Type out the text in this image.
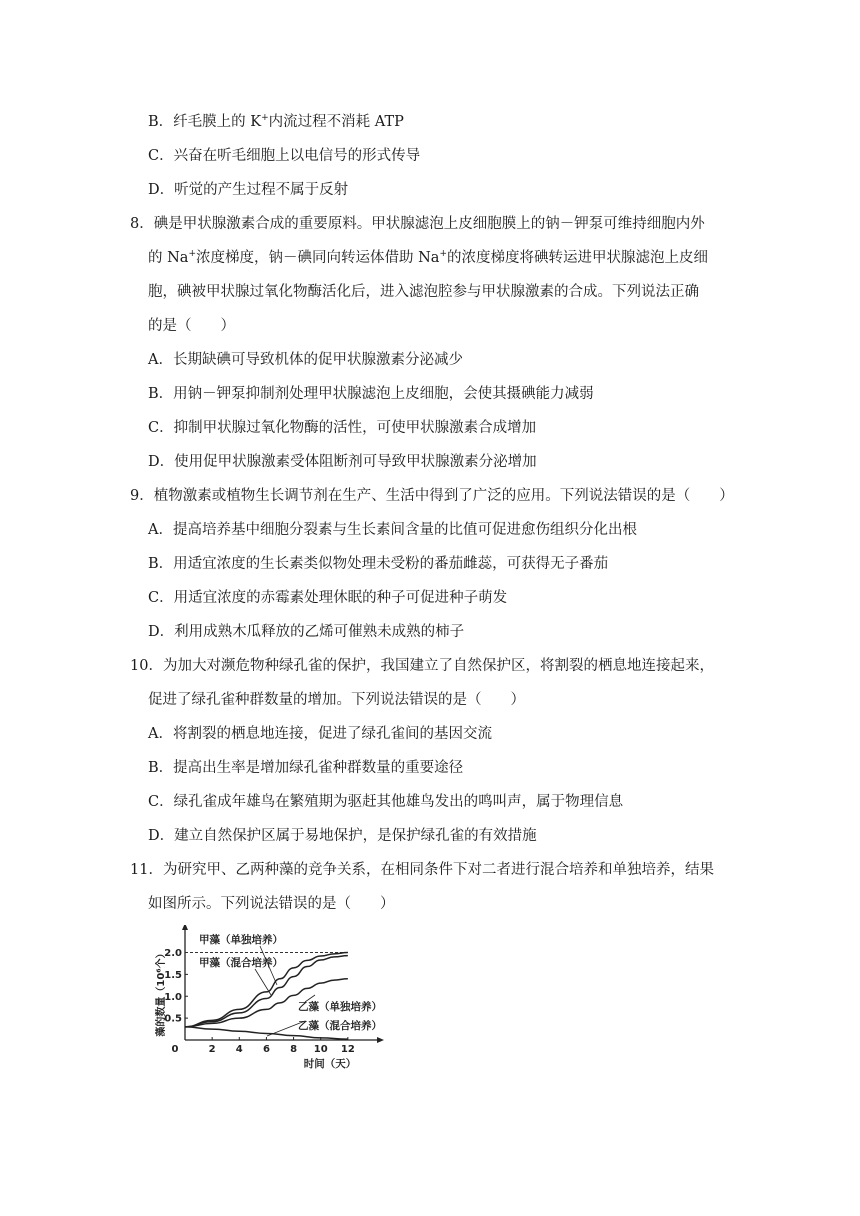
B．纤毛膜上的 K+内流过程不消耗 ATP
C．兴奋在听毛细胞上以电信号的形式传导
D．听觉的产生过程不属于反射
8．碘是甲状腺激素合成的重要原料。甲状腺滤泡上皮细胞膜上的钠－钾泵可维持细胞内外
的 Na+浓度梯度，钠－碘同向转运体借助 Na+的浓度梯度将碘转运进甲状腺滤泡上皮细
胞，碘被甲状腺过氧化物酶活化后，进入滤泡腔参与甲状腺激素的合成。下列说法正确
的是（　　）
A．长期缺碘可导致机体的促甲状腺激素分泌减少
B．用钠－钾泵抑制剂处理甲状腺滤泡上皮细胞，会使其摄碘能力减弱
C．抑制甲状腺过氧化物酶的活性，可使甲状腺激素合成增加
D．使用促甲状腺激素受体阻断剂可导致甲状腺激素分泌增加
9．植物激素或植物生长调节剂在生产、生活中得到了广泛的应用。下列说法错误的是（　　）
A．提高培养基中细胞分裂素与生长素间含量的比值可促进愈伤组织分化出根
B．用适宜浓度的生长素类似物处理未受粉的番茄雌蕊，可获得无子番茄
C．用适宜浓度的赤霉素处理休眠的种子可促进种子萌发
D．利用成熟木瓜释放的乙烯可催熟未成熟的柿子
10．为加大对濒危物种绿孔雀的保护，我国建立了自然保护区，将割裂的栖息地连接起来，
促进了绿孔雀种群数量的增加。下列说法错误的是（　　）
A．将割裂的栖息地连接，促进了绿孔雀间的基因交流
B．提高出生率是增加绿孔雀种群数量的重要途径
C．绿孔雀成年雄鸟在繁殖期为驱赶其他雄鸟发出的鸣叫声，属于物理信息
D．建立自然保护区属于易地保护，是保护绿孔雀的有效措施
11．为研究甲、乙两种藻的竞争关系，在相同条件下对二者进行混合培养和单独培养，结果
如图所示。下列说法错误的是（　　）
0	2 4 6 8 10 12
0.5
1.0
1.5
2.0
甲藻（单独培养）
甲藻（混合培养）
乙藻（单独培养）
乙藻（混合培养）
时间（天）
藻的数量（10⁶个）
